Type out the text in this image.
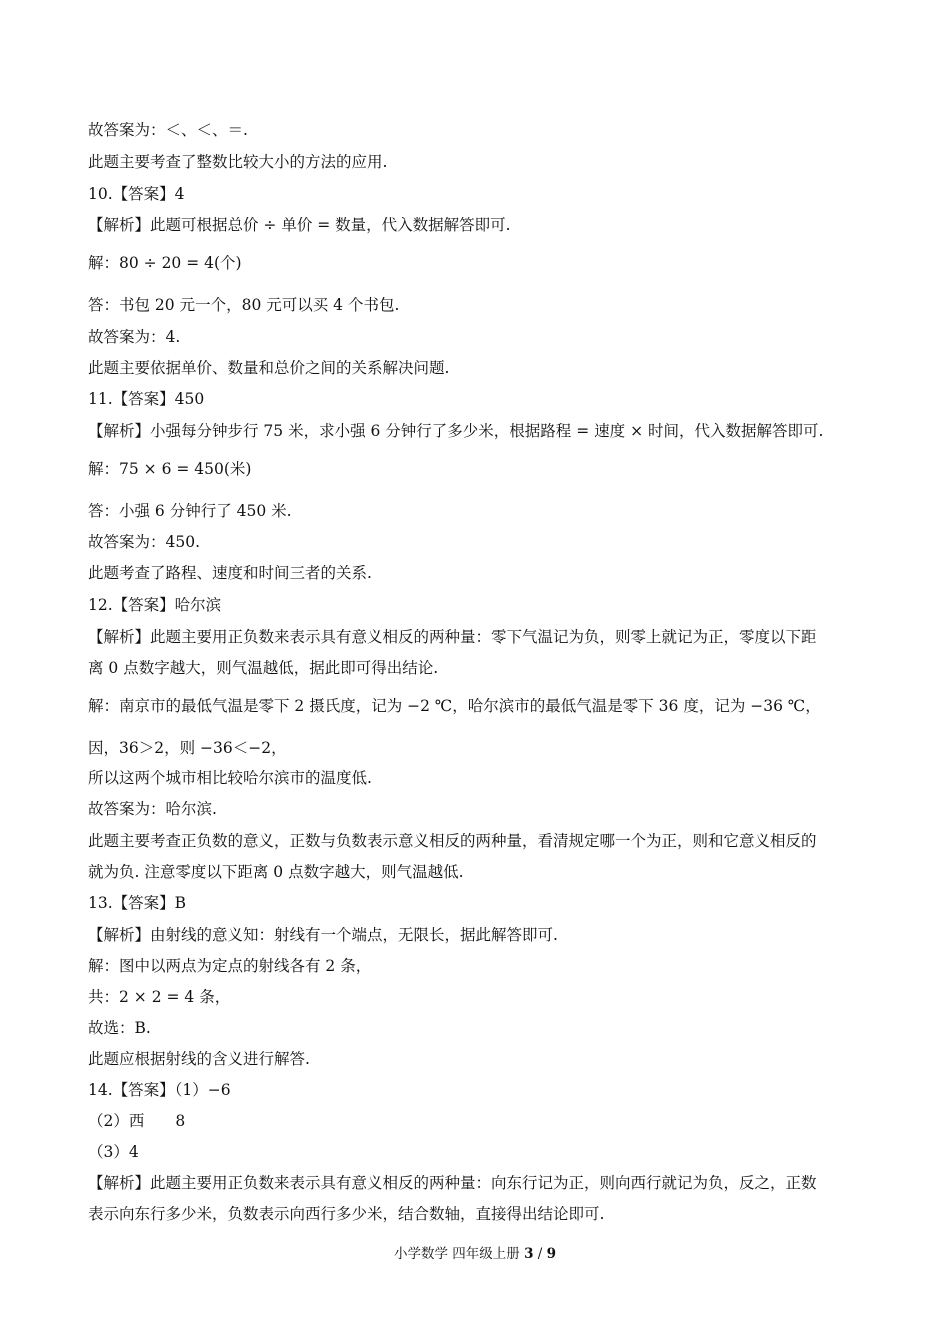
故答案为：＜、＜、＝.
此题主要考查了整数比较大小的方法的应用.
10.【答案】4
【解析】此题可根据总价 ÷ 单价 = 数量，代入数据解答即可.
解：80 ÷ 20 = 4(个)
答：书包 20 元一个，80 元可以买 4 个书包.
故答案为：4.
此题主要依据单价、数量和总价之间的关系解决问题.
11.【答案】450
【解析】小强每分钟步行 75 米，求小强 6 分钟行了多少米，根据路程 = 速度 × 时间，代入数据解答即可.
解：75 × 6 = 450(米)
答：小强 6 分钟行了 450 米.
故答案为：450.
此题考查了路程、速度和时间三者的关系.
12.【答案】哈尔滨
【解析】此题主要用正负数来表示具有意义相反的两种量：零下气温记为负，则零上就记为正，零度以下距
离 0 点数字越大，则气温越低，据此即可得出结论.
解：南京市的最低气温是零下 2 摄氏度，记为 −2 ℃，哈尔滨市的最低气温是零下 36 度，记为 −36 ℃，
因，36＞2，则 −36＜−2，
所以这两个城市相比较哈尔滨市的温度低.
故答案为：哈尔滨.
此题主要考查正负数的意义，正数与负数表示意义相反的两种量，看清规定哪一个为正，则和它意义相反的
就为负. 注意零度以下距离 0 点数字越大，则气温越低.
13.【答案】B
【解析】由射线的意义知：射线有一个端点，无限长，据此解答即可.
解：图中以两点为定点的射线各有 2 条，
共：2 × 2 = 4 条，
故选：B.
此题应根据射线的含义进行解答.
14.【答案】（1）−6
（2）西　　8
（3）4
【解析】此题主要用正负数来表示具有意义相反的两种量：向东行记为正，则向西行就记为负，反之，正数
表示向东行多少米，负数表示向西行多少米，结合数轴，直接得出结论即可.
小学数学 四年级上册 3 / 9
